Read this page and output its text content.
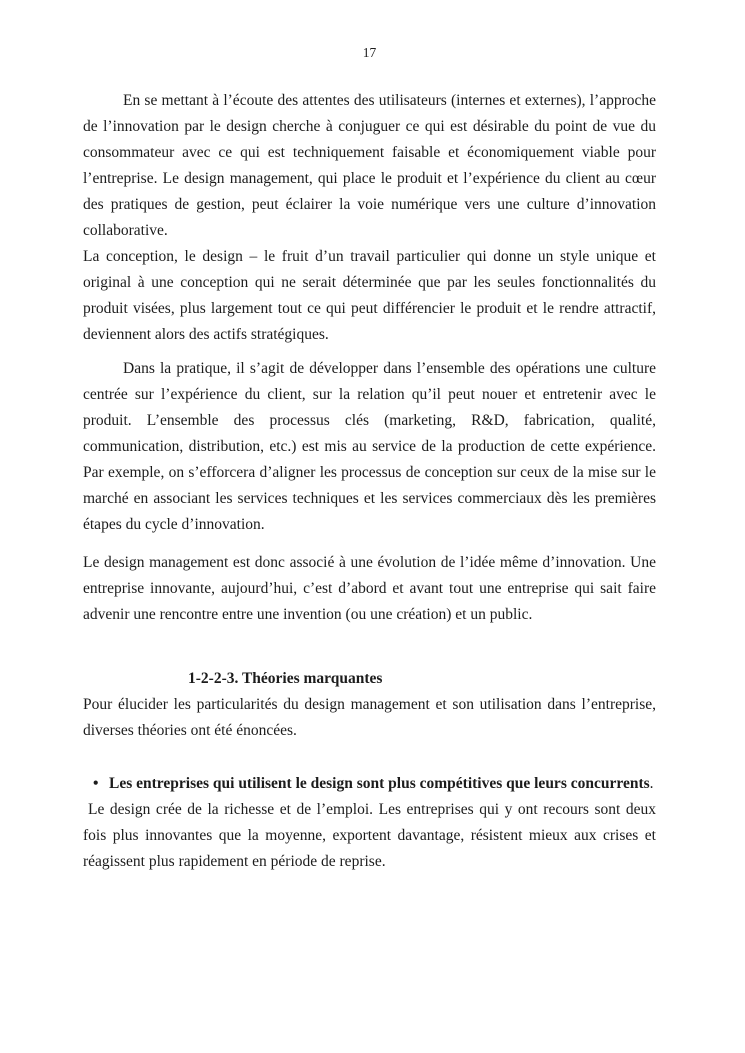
17

En se mettant à l’écoute des attentes des utilisateurs (internes et externes), l’approche de l’innovation par le design cherche à conjuguer ce qui est désirable du point de vue du consommateur avec ce qui est techniquement faisable et économiquement viable pour l’entreprise. Le design management, qui place le produit et l’expérience du client au cœur des pratiques de gestion, peut éclairer la voie numérique vers une culture d’innovation collaborative.

La conception, le design – le fruit d’un travail particulier qui donne un style unique et original à une conception qui ne serait déterminée que par les seules fonctionnalités du produit visées, plus largement tout ce qui peut différencier le produit et le rendre attractif, deviennent alors des actifs stratégiques.

Dans la pratique, il s’agit de développer dans l’ensemble des opérations une culture centrée sur l’expérience du client, sur la relation qu’il peut nouer et entretenir avec le produit. L’ensemble des processus clés (marketing, R&D, fabrication, qualité, communication, distribution, etc.) est mis au service de la production de cette expérience. Par exemple, on s’efforcera d’aligner les processus de conception sur ceux de la mise sur le marché en associant les services techniques et les services commerciaux dès les premières étapes du cycle d’innovation.

Le design management est donc associé à une évolution de l’idée même d’innovation. Une entreprise innovante, aujourd’hui, c’est d’abord et avant tout une entreprise qui sait faire advenir une rencontre entre une invention (ou une création) et un public.

1-2-2-3. Théories marquantes

Pour élucider les particularités du design management et son utilisation dans l’entreprise, diverses théories ont été énoncées.

• Les entreprises qui utilisent le design sont plus compétitives que leurs concurrents.

Le design crée de la richesse et de l’emploi. Les entreprises qui y ont recours sont deux fois plus innovantes que la moyenne, exportent davantage, résistent mieux aux crises et réagissent plus rapidement en période de reprise.
